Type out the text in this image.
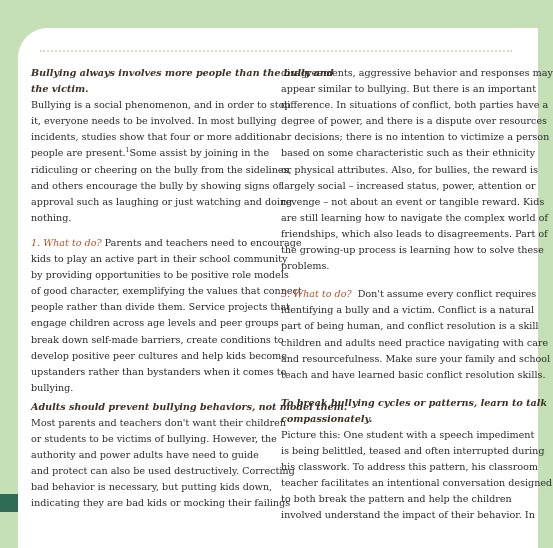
Bullying always involves more people than the bully and
the victim.
Bullying is a social phenomenon, and in order to stop
it, everyone needs to be involved. In most bullying
incidents, studies show that four or more additional
people are present.$^1$Some assist by joining in the
ridiculing or cheering on the bully from the sidelines,
and others encourage the bully by showing signs of
approval such as laughing or just watching and doing
nothing.
1. What to do? Parents and teachers need to encourage
kids to play an active part in their school community
by providing opportunities to be positive role models
of good character, exemplifying the values that connect
people rather than divide them. Service projects that
engage children across age levels and peer groups
break down self-made barriers, create conditions to
develop positive peer cultures and help kids become
upstanders rather than bystanders when it comes to
bullying.
Adults should prevent bullying behaviors, not model them.
Most parents and teachers don't want their children
or students to be victims of bullying. However, the
authority and power adults have need to guide
and protect can also be used destructively. Correcting
bad behavior is necessary, but putting kids down,
indicating they are bad kids or mocking their failings
disagreements, aggressive behavior and responses may
appear similar to bullying. But there is an important
difference. In situations of conflict, both parties have a
degree of power, and there is a dispute over resources
or decisions; there is no intention to victimize a person
based on some characteristic such as their ethnicity
or physical attributes. Also, for bullies, the reward is
largely social – increased status, power, attention or
revenge – not about an event or tangible reward. Kids
are still learning how to navigate the complex world of
friendships, which also leads to disagreements. Part of
the growing-up process is learning how to solve these
problems.
3. What to do?  Don't assume every conflict requires
identifying a bully and a victim. Conflict is a natural
part of being human, and conflict resolution is a skill
children and adults need practice navigating with care
and resourcefulness. Make sure your family and school
teach and have learned basic conflict resolution skills.
To break bullying cycles or patterns, learn to talk
compassionately.
Picture this: One student with a speech impediment
is being belittled, teased and often interrupted during
his classwork. To address this pattern, his classroom
teacher facilitates an intentional conversation designed
to both break the pattern and help the children
involved understand the impact of their behavior. In
